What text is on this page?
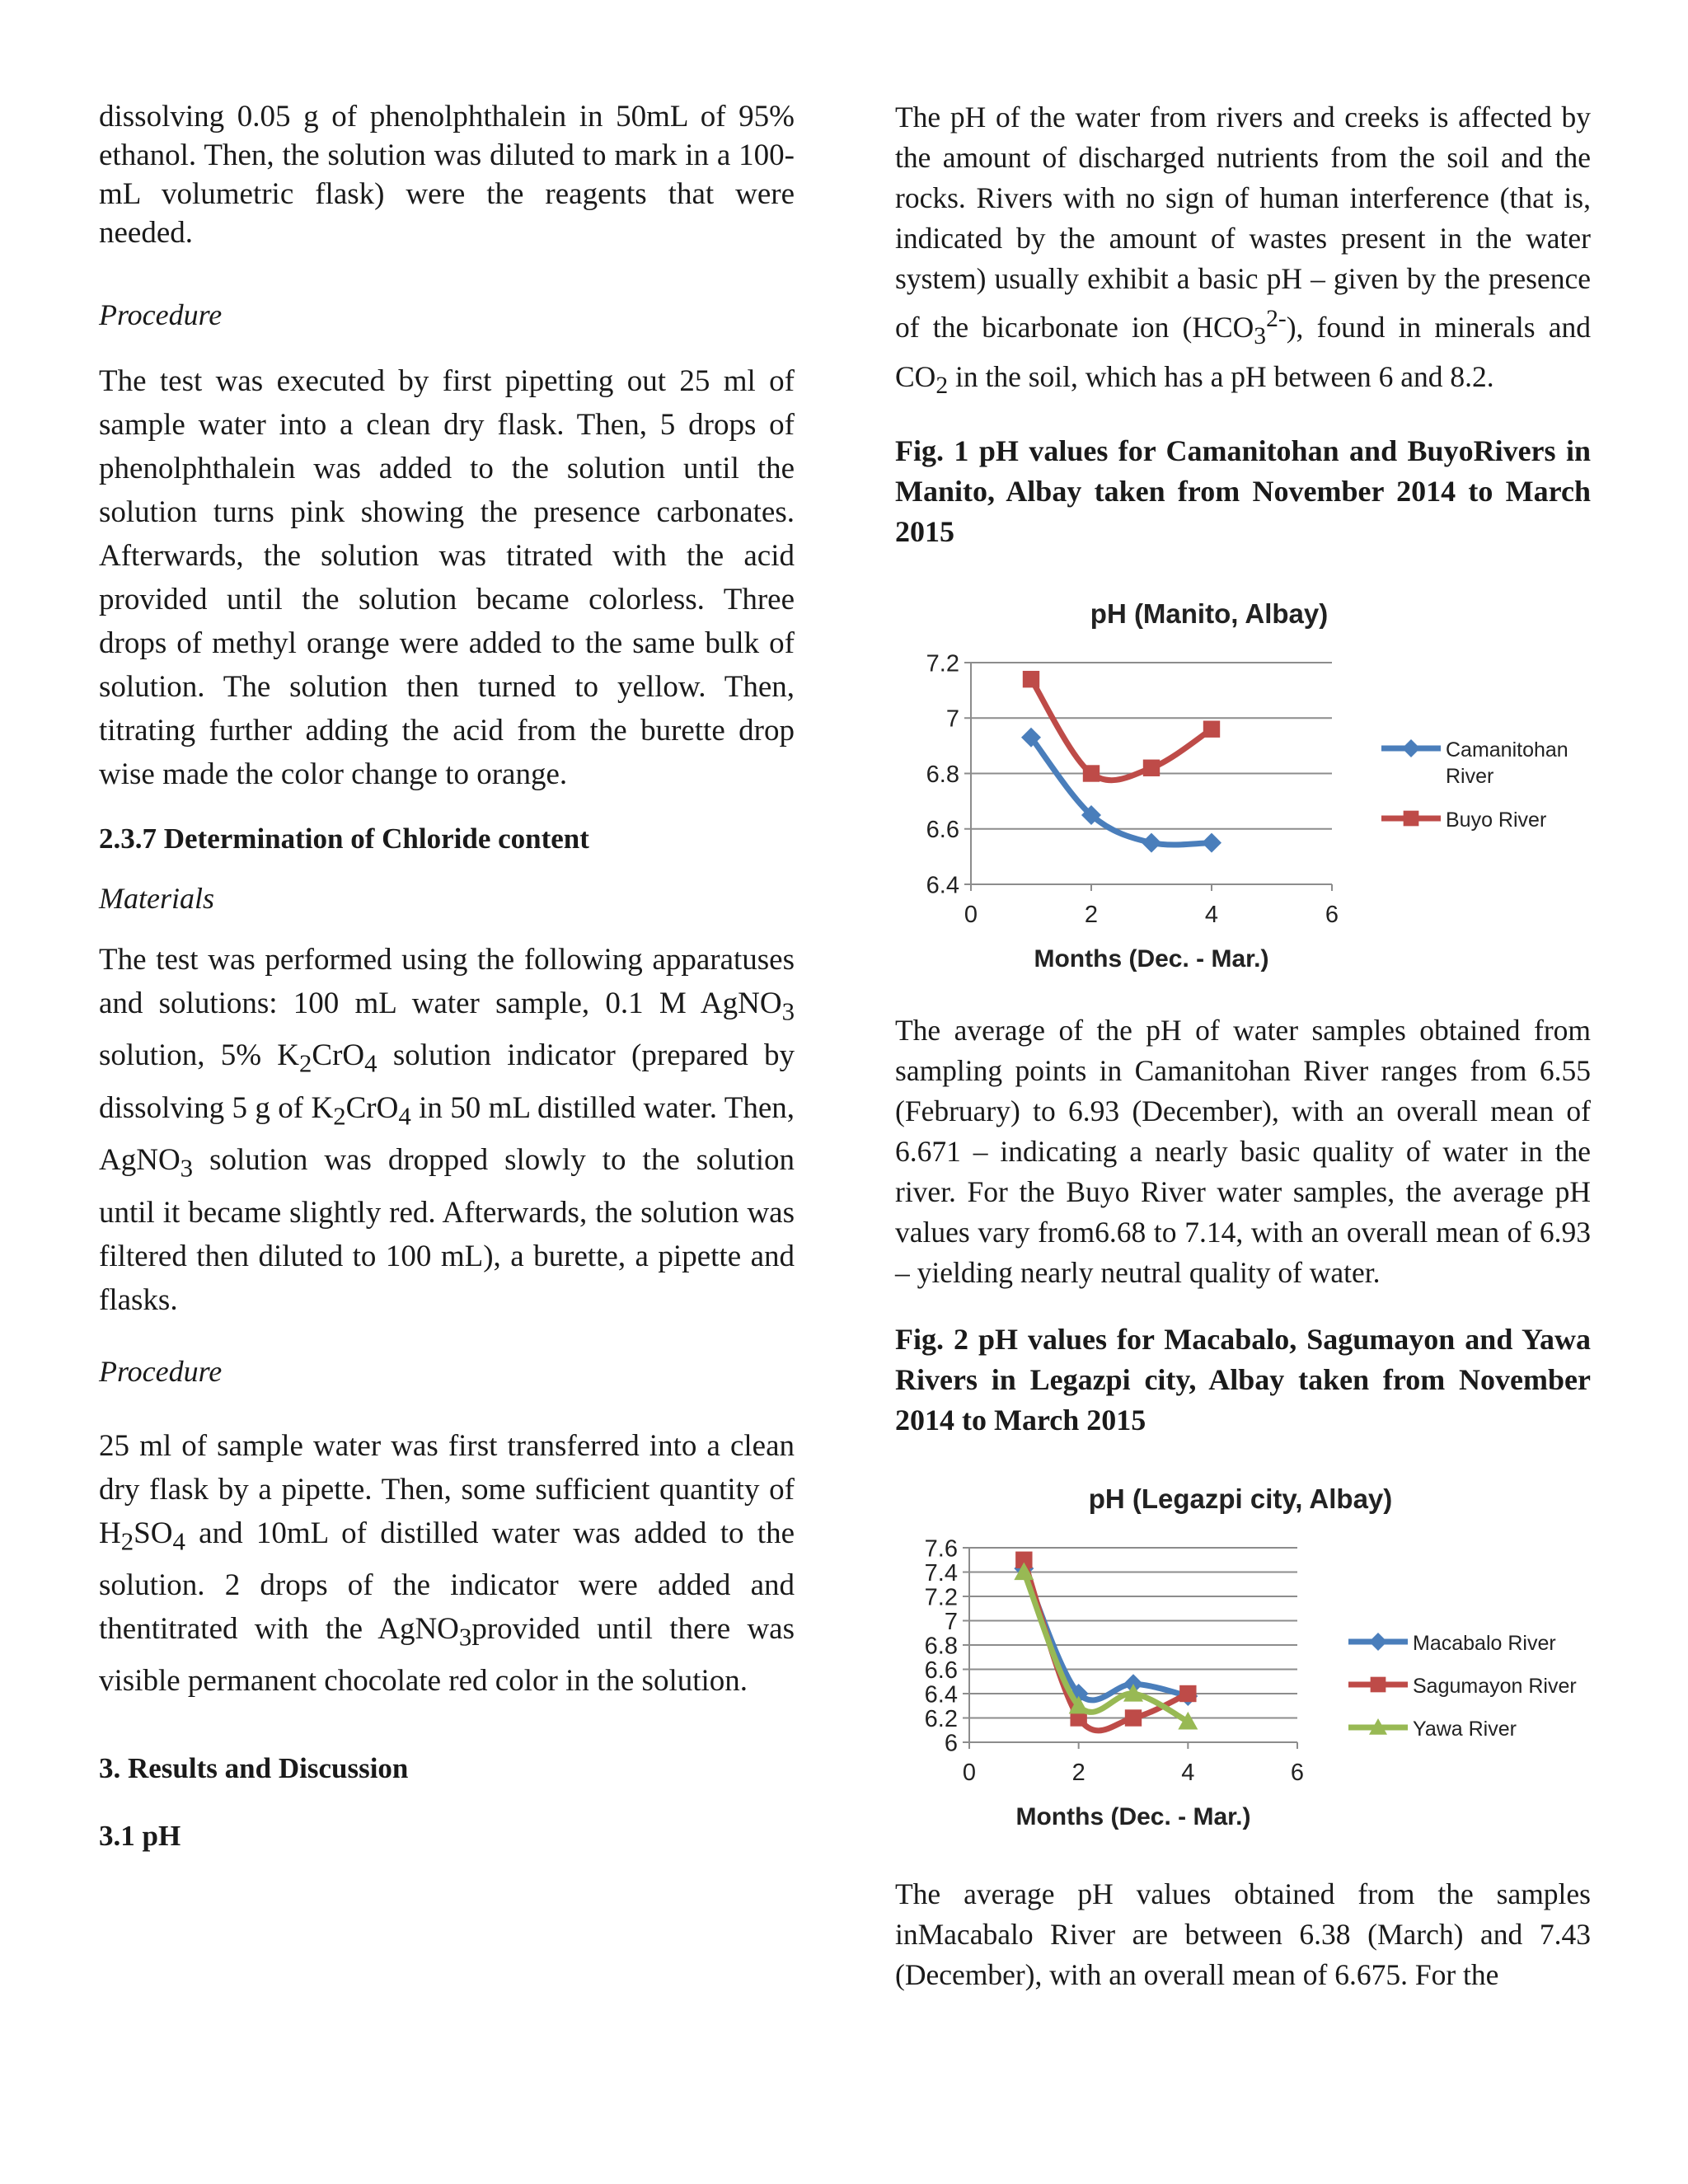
dissolving 0.05 g of phenolphthalein in 50mL of 95% ethanol. Then, the solution was diluted to mark in a 100-mL volumetric flask) were the reagents that were needed.

Procedure

The test was executed by first pipetting out 25 ml of sample water into a clean dry flask. Then, 5 drops of phenolphthalein was added to the solution until the solution turns pink showing the presence carbonates. Afterwards, the solution was titrated with the acid provided until the solution became colorless. Three drops of methyl orange were added to the same bulk of solution. The solution then turned to yellow. Then, titrating further adding the acid from the burette drop wise made the color change to orange.

2.3.7 Determination of Chloride content

Materials

The test was performed using the following apparatuses and solutions: 100 mL water sample, 0.1 M AgNO$_3$ solution, 5% $K_2CrO_4$ solution indicator (prepared by dissolving 5 g of $K_2CrO_4$ in 50 mL distilled water. Then, AgNO$_3$ solution was dropped slowly to the solution until it became slightly red. Afterwards, the solution was filtered then diluted to 100 mL), a burette, a pipette and flasks.

Procedure

25 ml of sample water was first transferred into a clean dry flask by a pipette. Then, some sufficient quantity of $H_2SO_4$ and 10mL of distilled water was added to the solution. 2 drops of the indicator were added and thentitrated with the AgNO$_3$provided until there was visible permanent chocolate red color in the solution.

3. Results and Discussion

3.1 pH

The pH of the water from rivers and creeks is affected by the amount of discharged nutrients from the soil and the rocks. Rivers with no sign of human interference (that is, indicated by the amount of wastes present in the water system) usually exhibit a basic pH – given by the presence of the bicarbonate ion $(HCO_3^{2-})$, found in minerals and $CO_2$ in the soil, which has a pH between 6 and 8.2.

Fig. 1 pH values for Camanitohan and BuyoRivers in Manito, Albay taken from November 2014 to March 2015

pH (Manito, Albay)
6.4
6.6
6.8
7
7.2
0	2	4	6
Months (Dec. - Mar.)
Camanitohan
River
Buyo River

The average of the pH of water samples obtained from sampling points in Camanitohan River ranges from 6.55 (February) to 6.93 (December), with an overall mean of 6.671 – indicating a nearly basic quality of water in the river. For the Buyo River water samples, the average pH values vary from6.68 to 7.14, with an overall mean of 6.93 – yielding nearly neutral quality of water.

Fig. 2 pH values for Macabalo, Sagumayon and Yawa Rivers in Legazpi city, Albay taken from November 2014 to March 2015

pH (Legazpi city, Albay)
6
6.2
6.4
6.6
6.8
7
7.2
7.4
7.6
0	2	4	6
Months (Dec. - Mar.)
Macabalo River
Sagumayon River
Yawa River

The average pH values obtained from the samples inMacabalo River are between 6.38 (March) and 7.43 (December), with an overall mean of 6.675. For the
